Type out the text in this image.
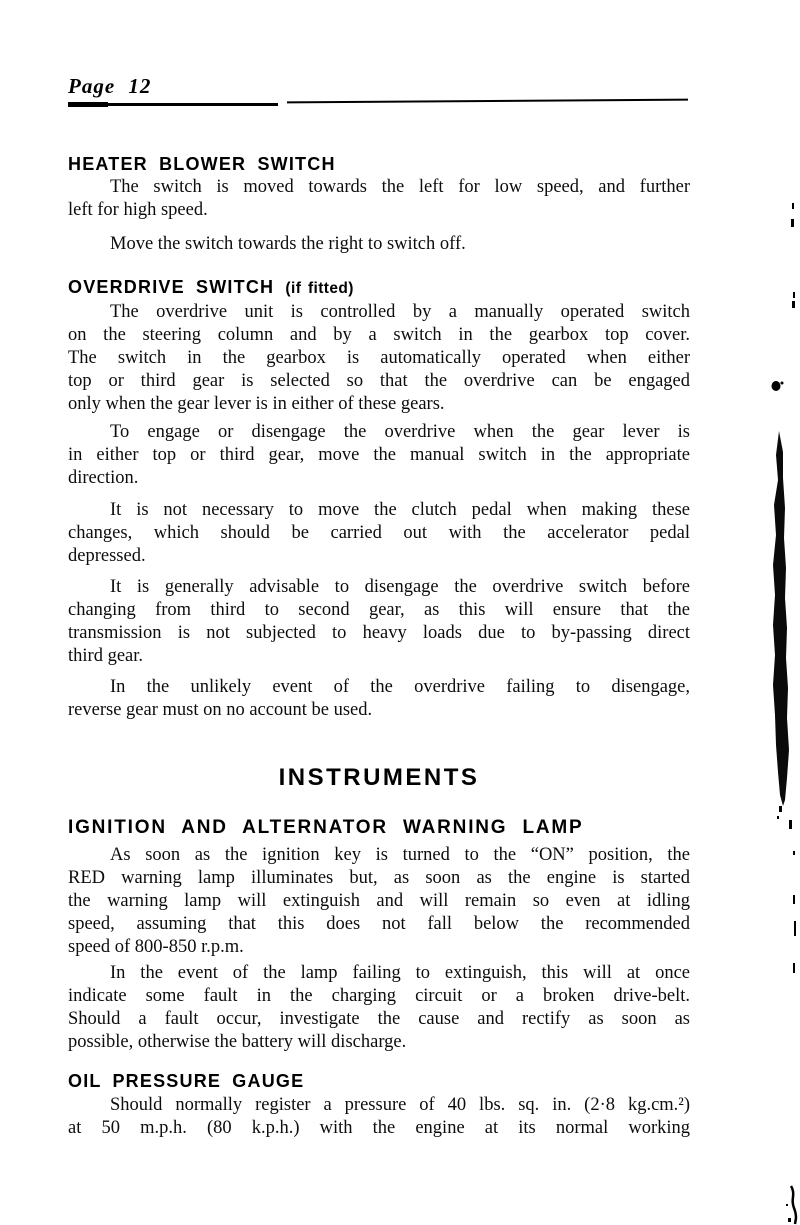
Page 12
HEATER BLOWER SWITCH
The switch is moved towards the left for low speed, and further
left for high speed.
Move the switch towards the right to switch off.
OVERDRIVE SWITCH (if fitted)
The overdrive unit is controlled by a manually operated switch
on the steering column and by a switch in the gearbox top cover.
The switch in the gearbox is automatically operated when either
top or third gear is selected so that the overdrive can be engaged
only when the gear lever is in either of these gears.
To engage or disengage the overdrive when the gear lever is
in either top or third gear, move the manual switch in the appropriate
direction.
It is not necessary to move the clutch pedal when making these
changes, which should be carried out with the accelerator pedal
depressed.
It is generally advisable to disengage the overdrive switch before
changing from third to second gear, as this will ensure that the
transmission is not subjected to heavy loads due to by-passing direct
third gear.
In the unlikely event of the overdrive failing to disengage,
reverse gear must on no account be used.
INSTRUMENTS
IGNITION AND ALTERNATOR WARNING LAMP
As soon as the ignition key is turned to the “ON” position, the
RED warning lamp illuminates but, as soon as the engine is started
the warning lamp will extinguish and will remain so even at idling
speed, assuming that this does not fall below the recommended
speed of 800-850 r.p.m.
In the event of the lamp failing to extinguish, this will at once
indicate some fault in the charging circuit or a broken drive-belt.
Should a fault occur, investigate the cause and rectify as soon as
possible, otherwise the battery will discharge.
OIL PRESSURE GAUGE
Should normally register a pressure of 40 lbs. sq. in. (2·8 kg.cm.²)
at 50 m.p.h. (80 k.p.h.) with the engine at its normal working
